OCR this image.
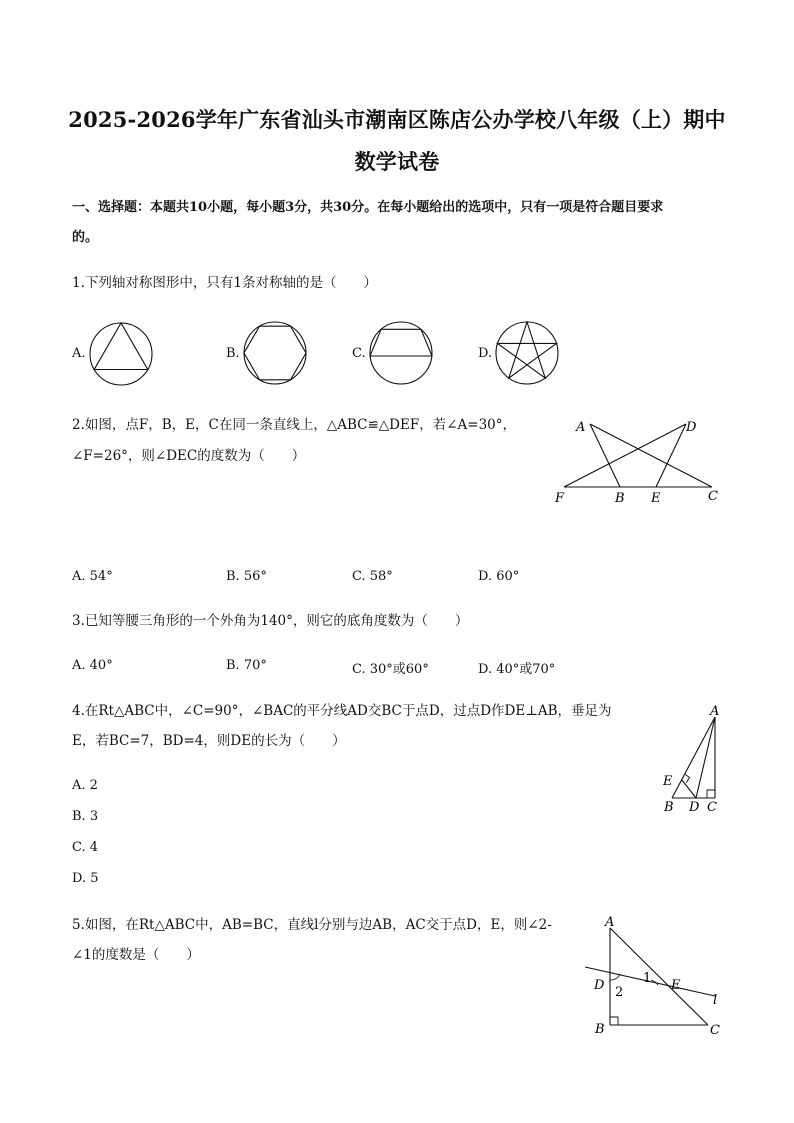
2025-2026学年广东省汕头市潮南区陈店公办学校八年级（上）期中
数学试卷
一、选择题：本题共10小题，每小题3分，共30分。在每小题给出的选项中，只有一项是符合题目要求
的。
1.下列轴对称图形中，只有1条对称轴的是（　　）
A.	B.	C.	D.
2.如图，点F，B，E，C在同一条直线上，△ABC≌△DEF，若∠A=30°，
∠F=26°，则∠DEC的度数为（　　）
A	D
F	B E	C
A. 54°	B. 56°	C. 58°	D. 60°
3.已知等腰三角形的一个外角为140°，则它的底角度数为（　　）
A. 40°	B. 70°	C. 30°或60°	D. 40°或70°
4.在Rt△ABC中，∠C=90°，∠BAC的平分线AD交BC于点D，过点D作DE⊥AB，垂足为
E，若BC=7，BD=4，则DE的长为（　　）
A
E
B D C
A. 2
B. 3
C. 4
D. 5
5.如图，在Rt△ABC中，AB=BC，直线l分别与边AB，AC交于点D，E，则∠2-
∠1的度数是（　　）
A
D	E
B	C
l
1
2
